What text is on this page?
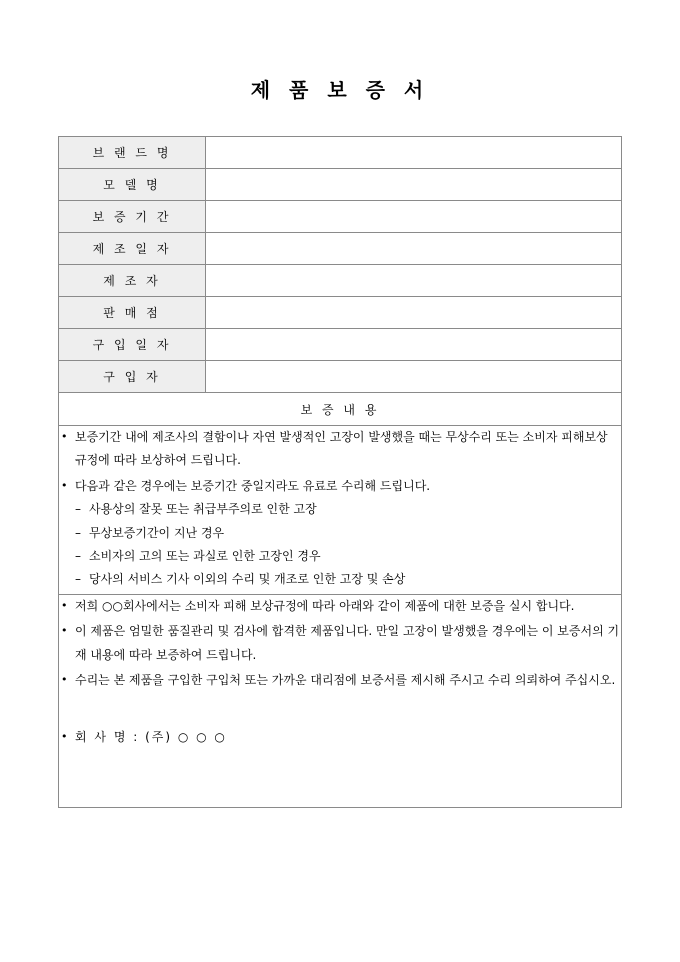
제 품 보 증 서
브 랜 드 명	
모 델 명	
보 증 기 간	
제 조 일 자	
제 조 자	
판 매 점	
구 입 일 자	
구 입 자	
보 증 내 용	

• 보증기간 내에 제조사의 결함이나 자연 발생적인 고장이 발생했을 때는 무상수리 또는 소비자 피해보상 규정에 따라 보상하여 드립니다.
• 다음과 같은 경우에는 보증기간 중일지라도 유료로 수리해 드립니다.
– 사용상의 잘못 또는 취급부주의로 인한 고장
– 무상보증기간이 지난 경우
– 소비자의 고의 또는 과실로 인한 고장인 경우
– 당사의 서비스 기사 이외의 수리 및 개조로 인한 고장 및 손상

• 저희 ○○회사에서는 소비자 피해 보상규정에 따라 아래와 같이 제품에 대한 보증을 실시 합니다.
• 이 제품은 엄밀한 품질관리 및 검사에 합격한 제품입니다. 만일 고장이 발생했을 경우에는 이 보증서의 기재 내용에 따라 보증하여 드립니다.
• 수리는 본 제품을 구입한 구입처 또는 가까운 대리점에 보증서를 제시해 주시고 수리 의뢰하여 주십시오.
• 회 사 명 : (주) ○ ○ ○
